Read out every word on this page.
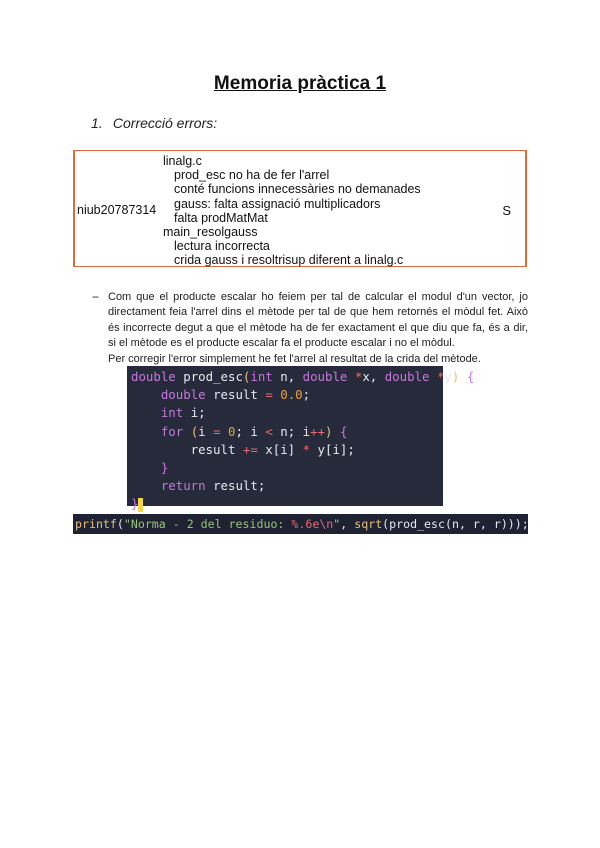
Memoria pràctica 1
1. Correcció errors:
niub20787314
linalg.c
prod_esc no ha de fer l'arrel
conté funcions innecessàries no demanades
gauss: falta assignació multiplicadors
falta prodMatMat
main_resolgauss
lectura incorrecta
crida gauss i resoltrisup diferent a linalg.c
S
− Com que el producte escalar ho feiem per tal de calcular el modul d'un vector, jo directament feia l'arrel dins el mètode per tal de que hem retornés el mòdul fet. Això és incorrecte degut a que el mètode ha de fer exactament el que diu que fa, és a dir, si el mètode es el producte escalar fa el producte escalar i no el mòdul.

Per corregir l'error simplement he fet l'arrel al resultat de la crida del mètode.

double prod_esc(int n, double *x, double *y) {
double result = 0.0;
int i;
for (i = 0; i < n; i++) {
result += x[i] * y[i];
}
return result;
}
printf("Norma - 2 del residuo: %.6e\n", sqrt(prod_esc(n, r, r)));
